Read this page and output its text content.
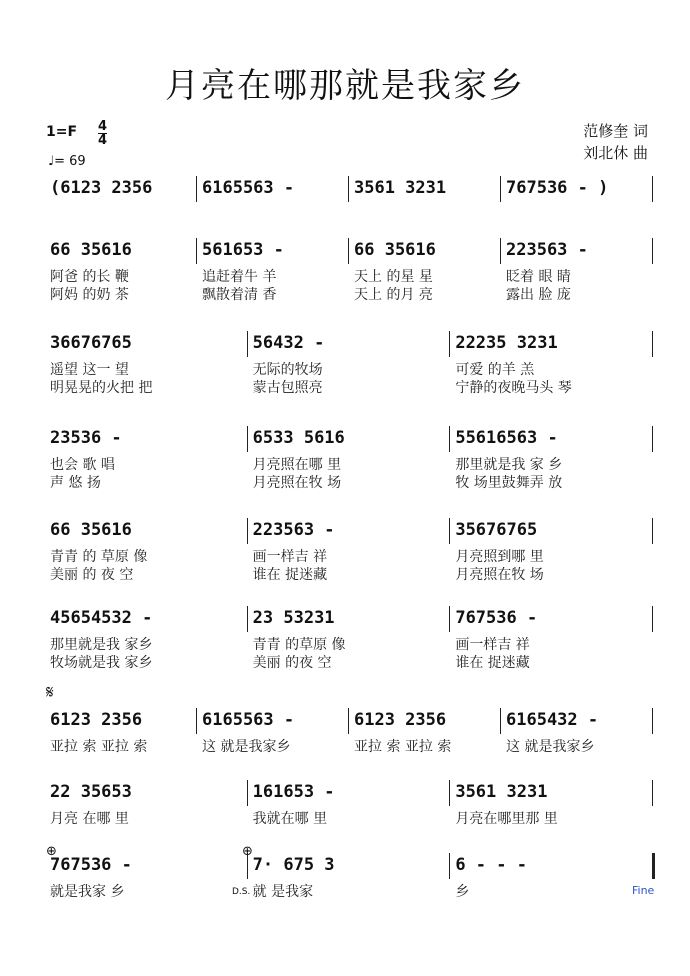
月亮在哪那就是我家乡
范修奎 词
刘北休 曲
1=F 4
4
♩= 69
(6123 2356	6165563 -	3561 3231	767536 - )
66 35616
阿爸 的长 鞭
阿妈 的奶 茶
561653 -
追赶着牛 羊
飘散着清 香
66 35616
天上 的星 星
天上 的月 亮
223563 -
眨着 眼 睛
露出 脸 庞
36676765
遥望 这一 望
明晃晃的火把 把
56432 -
无际的牧场
蒙古包照亮
22235 3231
可爱 的羊 羔
宁静的夜晚马头 琴
23536 -
也会 歌 唱
声 悠 扬
6533 5616
月亮照在哪 里
月亮照在牧 场
55616563 -
那里就是我 家 乡
牧 场里鼓舞弄 放
66 35616
青青 的 草原 像
美丽 的 夜 空
223563 -
画一样吉 祥
谁在 捉迷藏
35676765
月亮照到哪 里
月亮照在牧 场
45654532 -
那里就是我 家乡
牧场就是我 家乡
23 53231
青青 的草原 像
美丽 的夜 空
767536 -
画一样吉 祥
谁在 捉迷藏
6123 2356
亚拉 索 亚拉 索
6165563 -
这 就是我家乡
6123 2356
亚拉 索 亚拉 索
6165432 -
这 就是我家乡
22 35653
月亮 在哪 里
161653 -
我就在哪 里
3561 3231
月亮在哪里那 里
767536 -
就是我家 乡
7· 675 3
就 是我家
6 - - -
乡
𝄋
⊕	⊕
D.S.	Fine
